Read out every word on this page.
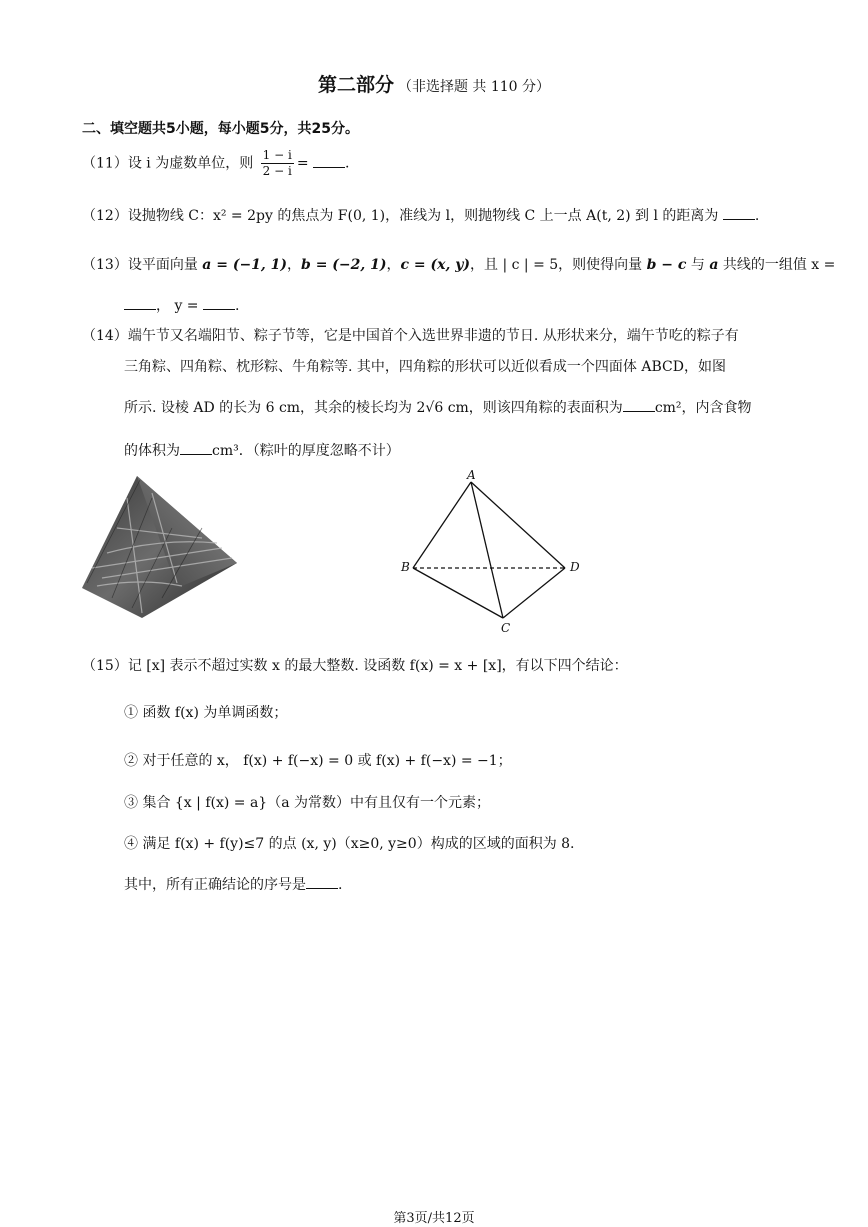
第二部分 （非选择题 共 110 分）
二、填空题共5小题，每小题5分，共25分。
（11）设 i 为虚数单位，则 $\frac{1 - i}{2 - i}$ =	.
（12）设抛物线 C：x² = 2py 的焦点为 F(0, 1)，准线为 l，则抛物线 C 上一点 A(t, 2) 到 l 的距离为	.
（13）设平面向量 a = (−1, 1)，b = (−2, 1)，c = (x, y)，且 | c | = 5，则使得向量 b − c 与 a 共线的一组值 x =
， y = .
（14）端午节又名端阳节、粽子节等，它是中国首个入选世界非遗的节日. 从形状来分，端午节吃的粽子有
三角粽、四角粽、枕形粽、牛角粽等. 其中，四角粽的形状可以近似看成一个四面体 ABCD，如图
所示. 设棱 AD 的长为 6 cm，其余的棱长均为 2√6 cm，则该四角粽的表面积为 cm²，内含食物
的体积为 cm³．（粽叶的厚度忽略不计）
A
B
C
D
（15）记 [x] 表示不超过实数 x 的最大整数. 设函数 f(x) = x + [x]，有以下四个结论：
① 函数 f(x) 为单调函数；
② 对于任意的 x， f(x) + f(−x) = 0 或 f(x) + f(−x) = −1；
③ 集合 {x | f(x) = a}（a 为常数）中有且仅有一个元素；
④ 满足 f(x) + f(y)≤7 的点 (x, y)（x≥0, y≥0）构成的区域的面积为 8.
其中，所有正确结论的序号是 .
第3页/共12页
